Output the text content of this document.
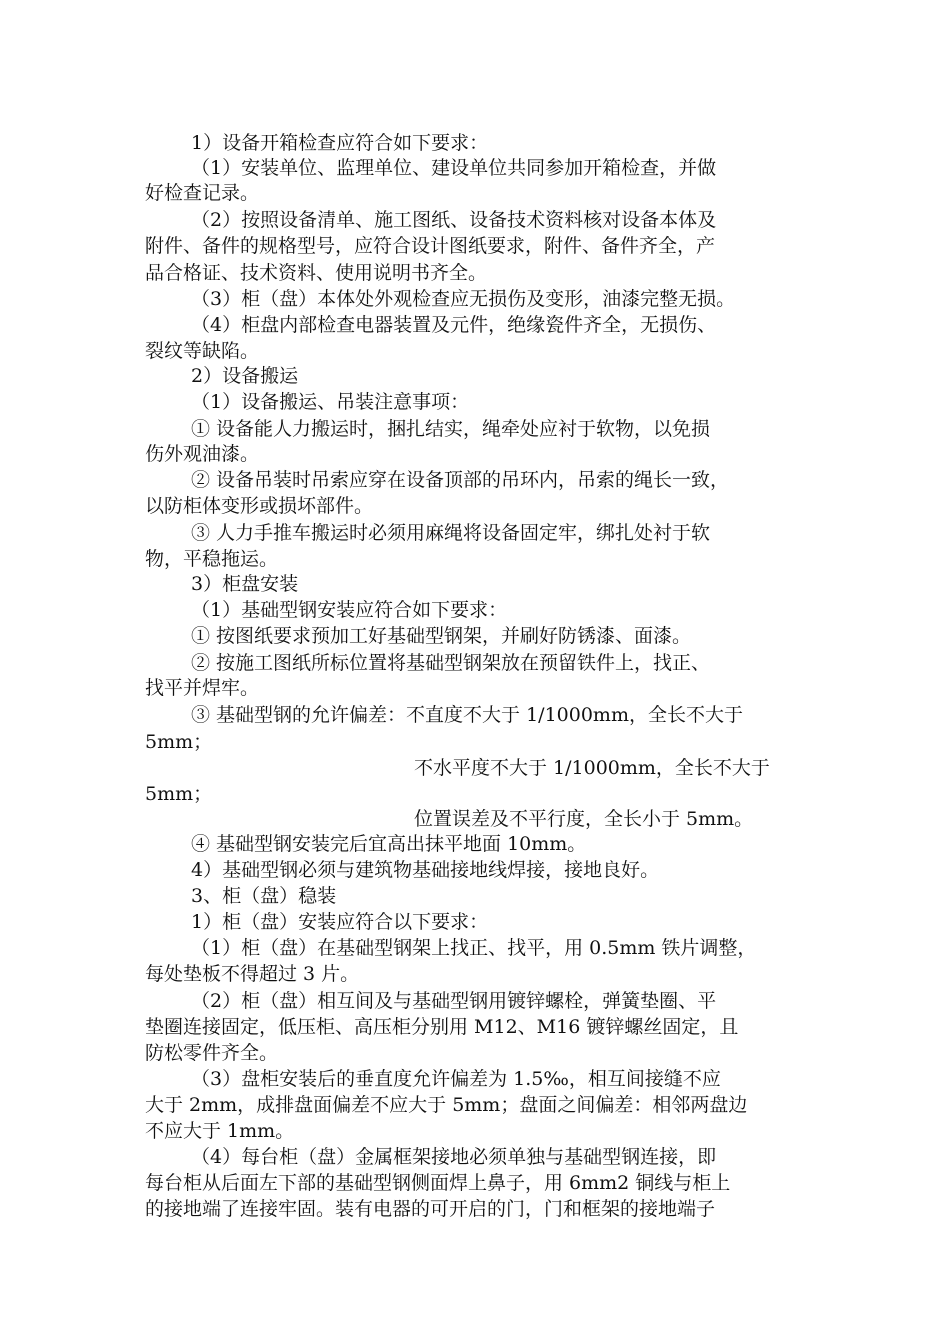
1）设备开箱检查应符合如下要求：
（1）安装单位、监理单位、建设单位共同参加开箱检查，并做
好检查记录。
（2）按照设备清单、施工图纸、设备技术资料核对设备本体及
附件、备件的规格型号，应符合设计图纸要求，附件、备件齐全，产
品合格证、技术资料、使用说明书齐全。
（3）柜（盘）本体处外观检查应无损伤及变形，油漆完整无损。
（4）柜盘内部检查电器装置及元件，绝缘瓷件齐全，无损伤、
裂纹等缺陷。
2）设备搬运
（1）设备搬运、吊装注意事项：
① 设备能人力搬运时，捆扎结实，绳牵处应衬于软物，以免损
伤外观油漆。
② 设备吊装时吊索应穿在设备顶部的吊环内，吊索的绳长一致，
以防柜体变形或损坏部件。
③ 人力手推车搬运时必须用麻绳将设备固定牢，绑扎处衬于软
物，平稳拖运。
3）柜盘安装
（1）基础型钢安装应符合如下要求：
① 按图纸要求预加工好基础型钢架，并刷好防锈漆、面漆。
② 按施工图纸所标位置将基础型钢架放在预留铁件上，找正、
找平并焊牢。
③ 基础型钢的允许偏差：不直度不大于 1/1000mm，全长不大于
5mm；
不水平度不大于 1/1000mm，全长不大于
5mm；
位置误差及不平行度，全长小于 5mm。
④ 基础型钢安装完后宜高出抹平地面 10mm。
4）基础型钢必须与建筑物基础接地线焊接，接地良好。
3、柜（盘）稳装
1）柜（盘）安装应符合以下要求：
（1）柜（盘）在基础型钢架上找正、找平，用 0.5mm 铁片调整，
每处垫板不得超过 3 片。
（2）柜（盘）相互间及与基础型钢用镀锌螺栓，弹簧垫圈、平
垫圈连接固定，低压柜、高压柜分别用 M12、M16 镀锌螺丝固定，且
防松零件齐全。
（3）盘柜安装后的垂直度允许偏差为 1.5‰，相互间接缝不应
大于 2mm，成排盘面偏差不应大于 5mm；盘面之间偏差：相邻两盘边
不应大于 1mm。
（4）每台柜（盘）金属框架接地必须单独与基础型钢连接，即
每台柜从后面左下部的基础型钢侧面焊上鼻子，用 6mm2 铜线与柜上
的接地端了连接牢固。装有电器的可开启的门，门和框架的接地端子
